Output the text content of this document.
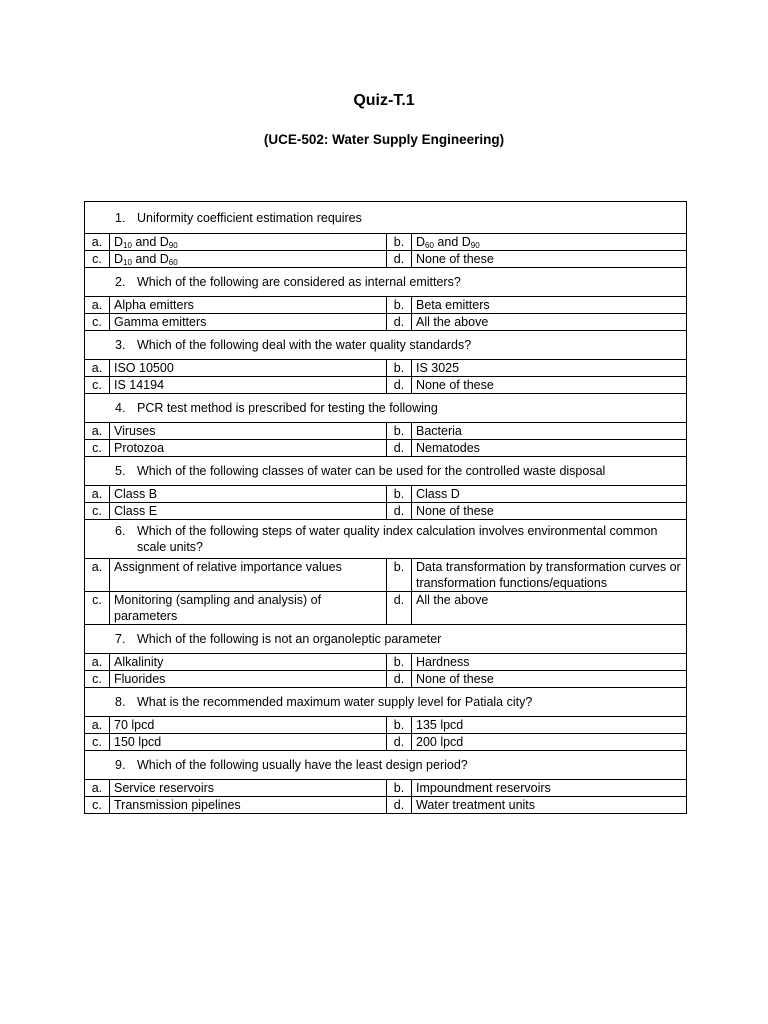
Quiz-T.1
(UCE-502: Water Supply Engineering)
1. Uniformity coefficient estimation requires			

a.	$D_{10}$ and $D_{90}$	b.	$D_{60}$ and $D_{90}$
c.	$D_{10}$ and $D_{60}$	d.	None of these

2. Which of the following are considered as internal emitters?			

a.	Alpha emitters	b.	Beta emitters
c.	Gamma emitters	d.	All the above

3. Which of the following deal with the water quality standards?			

a.	ISO 10500	b.	IS 3025
c.	IS 14194	d.	None of these

4. PCR test method is prescribed for testing the following			

a.	Viruses	b.	Bacteria
c.	Protozoa	d.	Nematodes

5. Which of the following classes of water can be used for the controlled waste disposal			

a.	Class B	b.	Class D
c.	Class E	d.	None of these

6. Which of the following steps of water quality index calculation involves environmental common scale units?			

a.	Assignment of relative importance values	b.	Data transformation by transformation curves or transformation functions/equations
c.	Monitoring (sampling and analysis) of parameters	d.	All the above

7. Which of the following is not an organoleptic parameter			

a.	Alkalinity	b.	Hardness
c.	Fluorides	d.	None of these

8. What is the recommended maximum water supply level for Patiala city?			

a.	70 lpcd	b.	135 lpcd
c.	150 lpcd	d.	200 lpcd

9. Which of the following usually have the least design period?			

a.	Service reservoirs	b.	Impoundment reservoirs
c.	Transmission pipelines	d.	Water treatment units
